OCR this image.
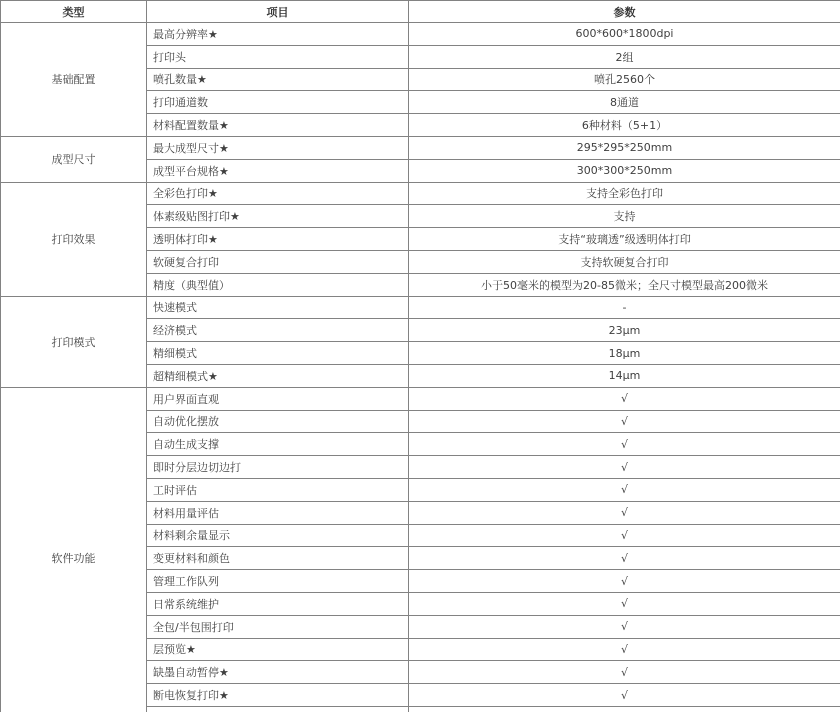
类型	项目	参数
基础配置	最高分辨率★	600*600*1800dpi
	打印头	2组
	喷孔数量★	喷孔2560个
	打印通道数	8通道
	材料配置数量★	6种材料（5+1）
成型尺寸	最大成型尺寸★	295*295*250mm
	成型平台规格★	300*300*250mm
打印效果	全彩色打印★	支持全彩色打印
	体素级贴图打印★	支持
	透明体打印★	支持“玻璃透”级透明体打印
	软硬复合打印	支持软硬复合打印
	精度（典型值）	小于50毫米的模型为20-85微米；全尺寸模型最高200微米
打印模式	快速模式	-
	经济模式	23μm
	精细模式	18μm
	超精细模式★	14μm
软件功能	用户界面直观	√
	自动优化摆放	√
	自动生成支撑	√
	即时分层边切边打	√
	工时评估	√
	材料用量评估	√
	材料剩余量显示	√
	变更材料和颜色	√
	管理工作队列	√
	日常系统维护	√
	全包/半包围打印	√
	层预览★	√
	缺墨自动暂停★	√
	断电恢复打印★	√
